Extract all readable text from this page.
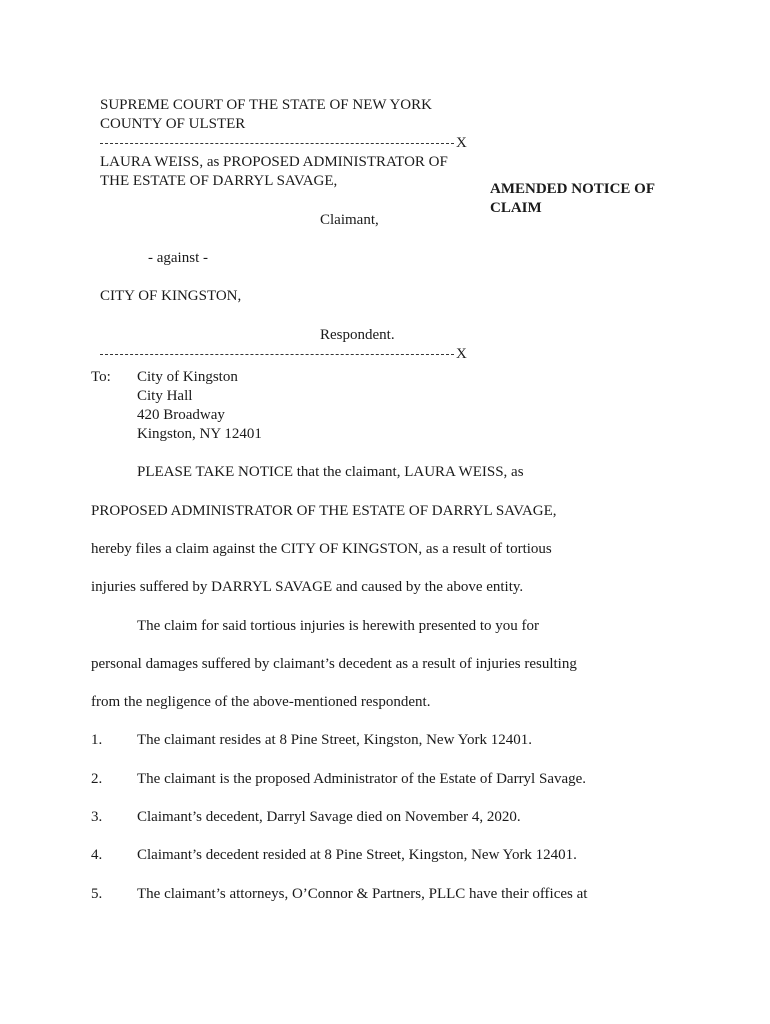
SUPREME COURT OF THE STATE OF NEW YORK
COUNTY OF ULSTER
X
LAURA WEISS, as PROPOSED ADMINISTRATOR OF
THE ESTATE OF DARRYL SAVAGE,	AMENDED NOTICE OF
CLAIM
Claimant,
- against -
CITY OF KINGSTON,
Respondent.
X
To: City of Kingston
City Hall
420 Broadway
Kingston, NY 12401
PLEASE TAKE NOTICE that the claimant, LAURA WEISS, as
PROPOSED ADMINISTRATOR OF THE ESTATE OF DARRYL SAVAGE,
hereby files a claim against the CITY OF KINGSTON, as a result of tortious
injuries suffered by DARRYL SAVAGE and caused by the above entity.
The claim for said tortious injuries is herewith presented to you for
personal damages suffered by claimant’s decedent as a result of injuries resulting
from the negligence of the above-mentioned respondent.
1. The claimant resides at 8 Pine Street, Kingston, New York 12401.
2. The claimant is the proposed Administrator of the Estate of Darryl Savage.
3. Claimant’s decedent, Darryl Savage died on November 4, 2020.
4. Claimant’s decedent resided at 8 Pine Street, Kingston, New York 12401.
5. The claimant’s attorneys, O’Connor & Partners, PLLC have their offices at
